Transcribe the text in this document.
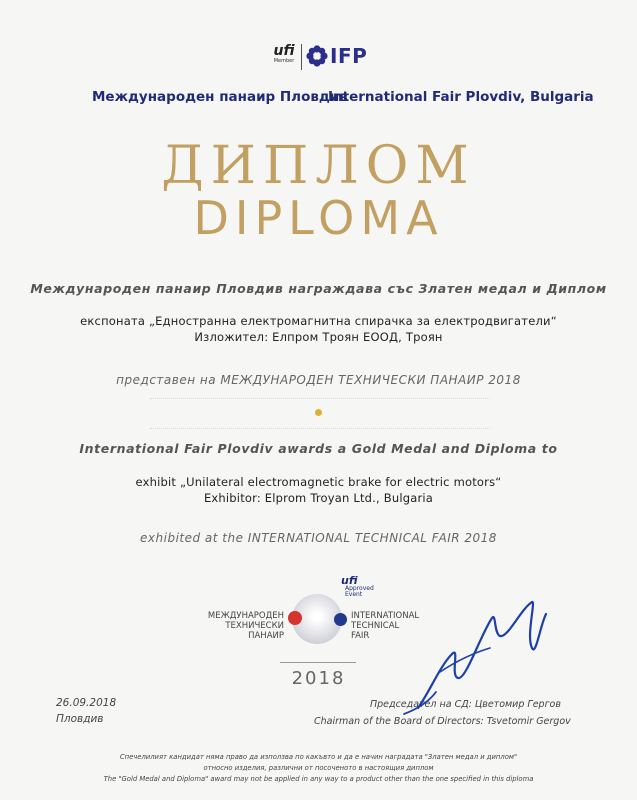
ufi
Member IFP
Международен панаир Пловдив
International Fair Plovdiv, Bulgaria
ДИПЛОМ
DIPLOMA
Международен панаир Пловдив награждава със Златен медал и Диплом
експоната „Едностранна електромагнитна спирачка за електродвигатели“
Изложител: Елпром Троян ЕООД, Троян
представен на МЕЖДУНАРОДЕН ТЕХНИЧЕСКИ ПАНАИР 2018
International Fair Plovdiv awards a Gold Medal and Diploma to
exhibit „Unilateral electromagnetic brake for electric motors“
Exhibitor: Elprom Troyan Ltd., Bulgaria
exhibited at the INTERNATIONAL TECHNICAL FAIR 2018
ufi
Approved Event
МЕЖДУНАРОДЕН
ТЕХНИЧЕСКИ
ПАНАИР
INTERNATIONAL
TECHNICAL
FAIR
2018
26.09.2018
Пловдив
Председател на СД: Цветомир Гергов
Chairman of the Board of Directors: Tsvetomir Gergov
Спечелилият кандидат няма право да използва по какъвто и да е начин наградата "Златен медал и диплом"
относно изделия, различни от посоченото в настоящия диплом
The "Gold Medal and Diploma" award may not be applied in any way to a product other than the one specified in this diploma
